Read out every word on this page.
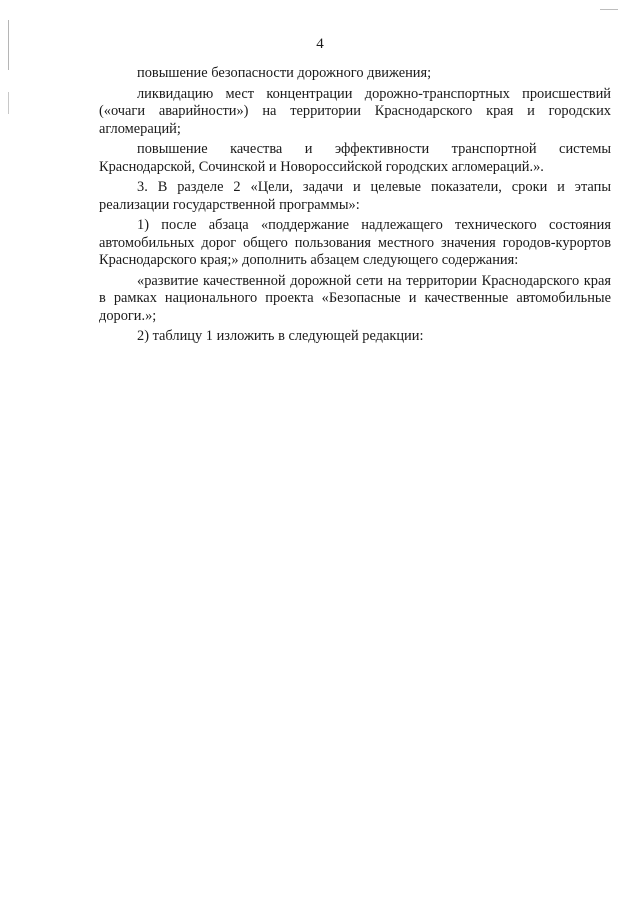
4

повышение безопасности дорожного движения;

ликвидацию мест концентрации дорожно-транспортных происшествий («очаги аварийности») на территории Краснодарского края и городских агломераций;

повышение качества и эффективности транспортной системы Краснодарской, Сочинской и Новороссийской городских агломераций.».

3. В разделе 2 «Цели, задачи и целевые показатели, сроки и этапы реализации государственной программы»:

1) после абзаца «поддержание надлежащего технического состояния автомобильных дорог общего пользования местного значения городов-курортов Краснодарского края;» дополнить абзацем следующего содержания:

«развитие качественной дорожной сети на территории Краснодарского края в рамках национального проекта «Безопасные и качественные автомобильные дороги.»;

2) таблицу 1 изложить в следующей редакции:
